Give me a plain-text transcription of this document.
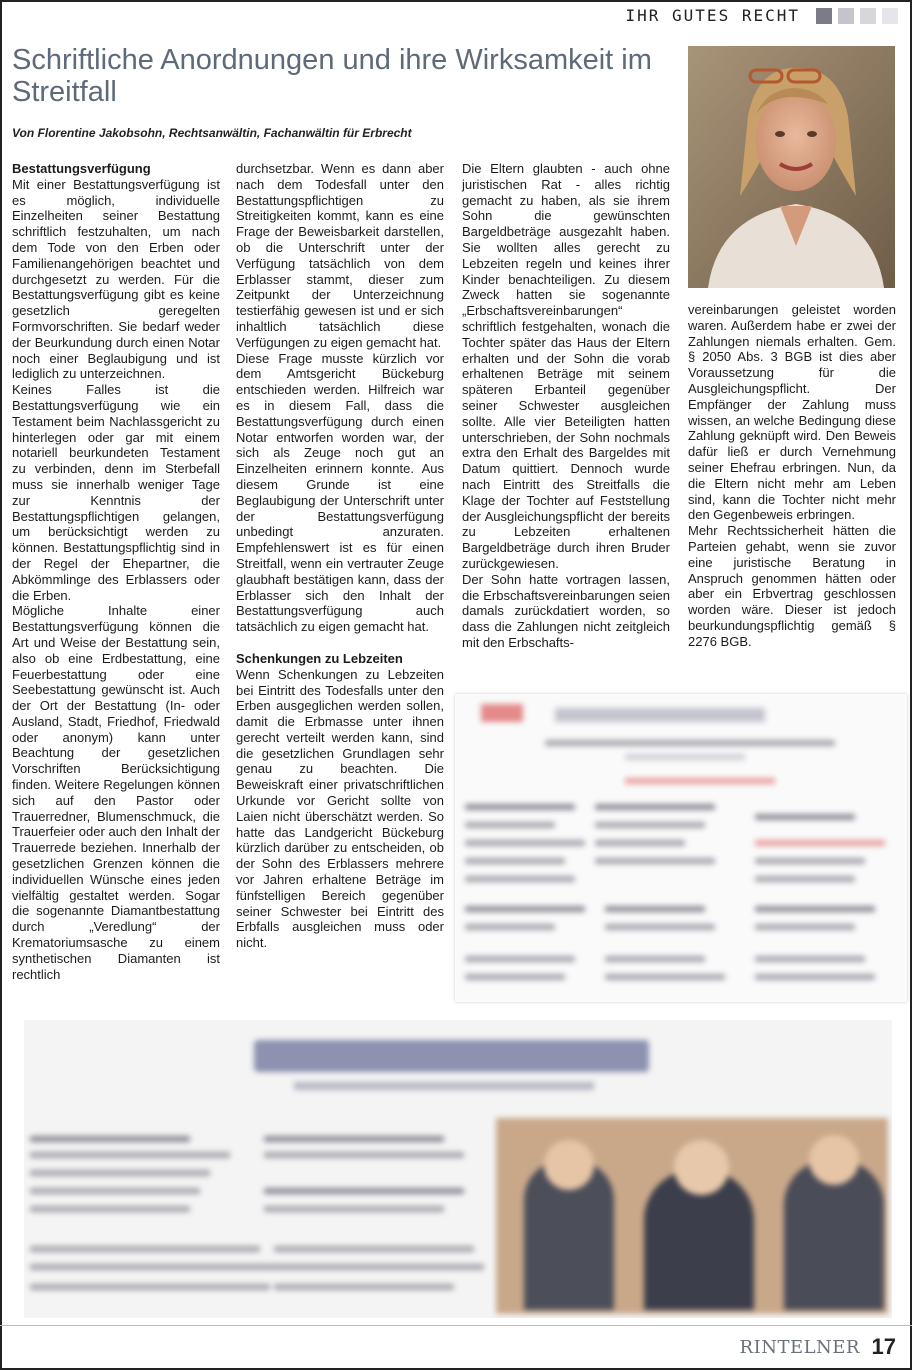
IHR GUTES RECHT
Schriftliche Anordnungen und ihre Wirksamkeit im Streitfall
Von Florentine Jakobsohn, Rechtsanwältin, Fachanwältin für Erbrecht

Bestattungsverfügung

Mit einer Bestattungsverfügung ist es möglich, individuelle Einzelheiten seiner Bestattung schriftlich festzuhalten, um nach dem Tode von den Erben oder Familienangehörigen beachtet und durchgesetzt zu werden. Für die Bestattungsverfügung gibt es keine gesetzlich geregelten Formvorschriften. Sie bedarf weder der Beurkundung durch einen Notar noch einer Beglaubigung und ist lediglich zu unterzeichnen.

Keines Falles ist die Bestattungsverfügung wie ein Testament beim Nachlassgericht zu hinterlegen oder gar mit einem notariell beurkundeten Testament zu verbinden, denn im Sterbefall muss sie innerhalb weniger Tage zur Kenntnis der Bestattungspflichtigen gelangen, um berücksichtigt werden zu können. Bestattungspflichtig sind in der Regel der Ehepartner, die Abkömmlinge des Erblassers oder die Erben.

Mögliche Inhalte einer Bestattungsverfügung können die Art und Weise der Bestattung sein, also ob eine Erdbestattung, eine Feuerbestattung oder eine Seebestattung gewünscht ist. Auch der Ort der Bestattung (In- oder Ausland, Stadt, Friedhof, Friedwald oder anonym) kann unter Beachtung der gesetzlichen Vorschriften Berücksichtigung finden. Weitere Regelungen können sich auf den Pastor oder Trauerredner, Blumenschmuck, die Trauerfeier oder auch den Inhalt der Trauerrede beziehen. Innerhalb der gesetzlichen Grenzen können die individuellen Wünsche eines jeden vielfältig gestaltet werden. Sogar die sogenannte Diamantbestattung durch „Veredlung“ der Krematoriumsasche zu einem synthetischen Diamanten ist rechtlich

durchsetzbar. Wenn es dann aber nach dem Todesfall unter den Bestattungspflichtigen zu Streitigkeiten kommt, kann es eine Frage der Beweisbarkeit darstellen, ob die Unterschrift unter der Verfügung tatsächlich von dem Erblasser stammt, dieser zum Zeitpunkt der Unterzeichnung testierfähig gewesen ist und er sich inhaltlich tatsächlich diese Verfügungen zu eigen gemacht hat.

Diese Frage musste kürzlich vor dem Amtsgericht Bückeburg entschieden werden. Hilfreich war es in diesem Fall, dass die Bestattungsverfügung durch einen Notar entworfen worden war, der sich als Zeuge noch gut an Einzelheiten erinnern konnte. Aus diesem Grunde ist eine Beglaubigung der Unterschrift unter der Bestattungsverfügung unbedingt anzuraten. Empfehlenswert ist es für einen Streitfall, wenn ein vertrauter Zeuge glaubhaft bestätigen kann, dass der Erblasser sich den Inhalt der Bestattungsverfügung auch tatsächlich zu eigen gemacht hat.

Schenkungen zu Lebzeiten

Wenn Schenkungen zu Lebzeiten bei Eintritt des Todesfalls unter den Erben ausgeglichen werden sollen, damit die Erbmasse unter ihnen gerecht verteilt werden kann, sind die gesetzlichen Grundlagen sehr genau zu beachten. Die Beweiskraft einer privatschriftlichen Urkunde vor Gericht sollte von Laien nicht überschätzt werden. So hatte das Landgericht Bückeburg kürzlich darüber zu entscheiden, ob der Sohn des Erblassers mehrere vor Jahren erhaltene Beträge im fünfstelligen Bereich gegenüber seiner Schwester bei Eintritt des Erbfalls ausgleichen muss oder nicht.

Die Eltern glaubten - auch ohne juristischen Rat - alles richtig gemacht zu haben, als sie ihrem Sohn die gewünschten Bargeldbeträge ausgezahlt haben. Sie wollten alles gerecht zu Lebzeiten regeln und keines ihrer Kinder benachteiligen. Zu diesem Zweck hatten sie sogenannte „Erbschaftsvereinbarungen“ schriftlich festgehalten, wonach die Tochter später das Haus der Eltern erhalten und der Sohn die vorab erhaltenen Beträge mit seinem späteren Erbanteil gegenüber seiner Schwester ausgleichen sollte. Alle vier Beteiligten hatten unterschrieben, der Sohn nochmals extra den Erhalt des Bargeldes mit Datum quittiert. Dennoch wurde nach Eintritt des Streitfalls die Klage der Tochter auf Feststellung der Ausgleichungspflicht der bereits zu Lebzeiten erhaltenen Bargeldbeträge durch ihren Bruder zurückgewiesen.

Der Sohn hatte vortragen lassen, die Erbschaftsvereinbarungen seien damals zurückdatiert worden, so dass die Zahlungen nicht zeitgleich mit den Erbschafts-

vereinbarungen geleistet worden waren. Außerdem habe er zwei der Zahlungen niemals erhalten. Gem. § 2050 Abs. 3 BGB ist dies aber Voraussetzung für die Ausgleichungspflicht. Der Empfänger der Zahlung muss wissen, an welche Bedingung diese Zahlung geknüpft wird. Den Beweis dafür ließ er durch Vernehmung seiner Ehefrau erbringen. Nun, da die Eltern nicht mehr am Leben sind, kann die Tochter nicht mehr den Gegenbeweis erbringen.

Mehr Rechtssicherheit hätten die Parteien gehabt, wenn sie zuvor eine juristische Beratung in Anspruch genommen hätten oder aber ein Erbvertrag geschlossen worden wäre. Dieser ist jedoch beurkundungspflichtig gemäß § 2276 BGB.

RINTELNER 17
